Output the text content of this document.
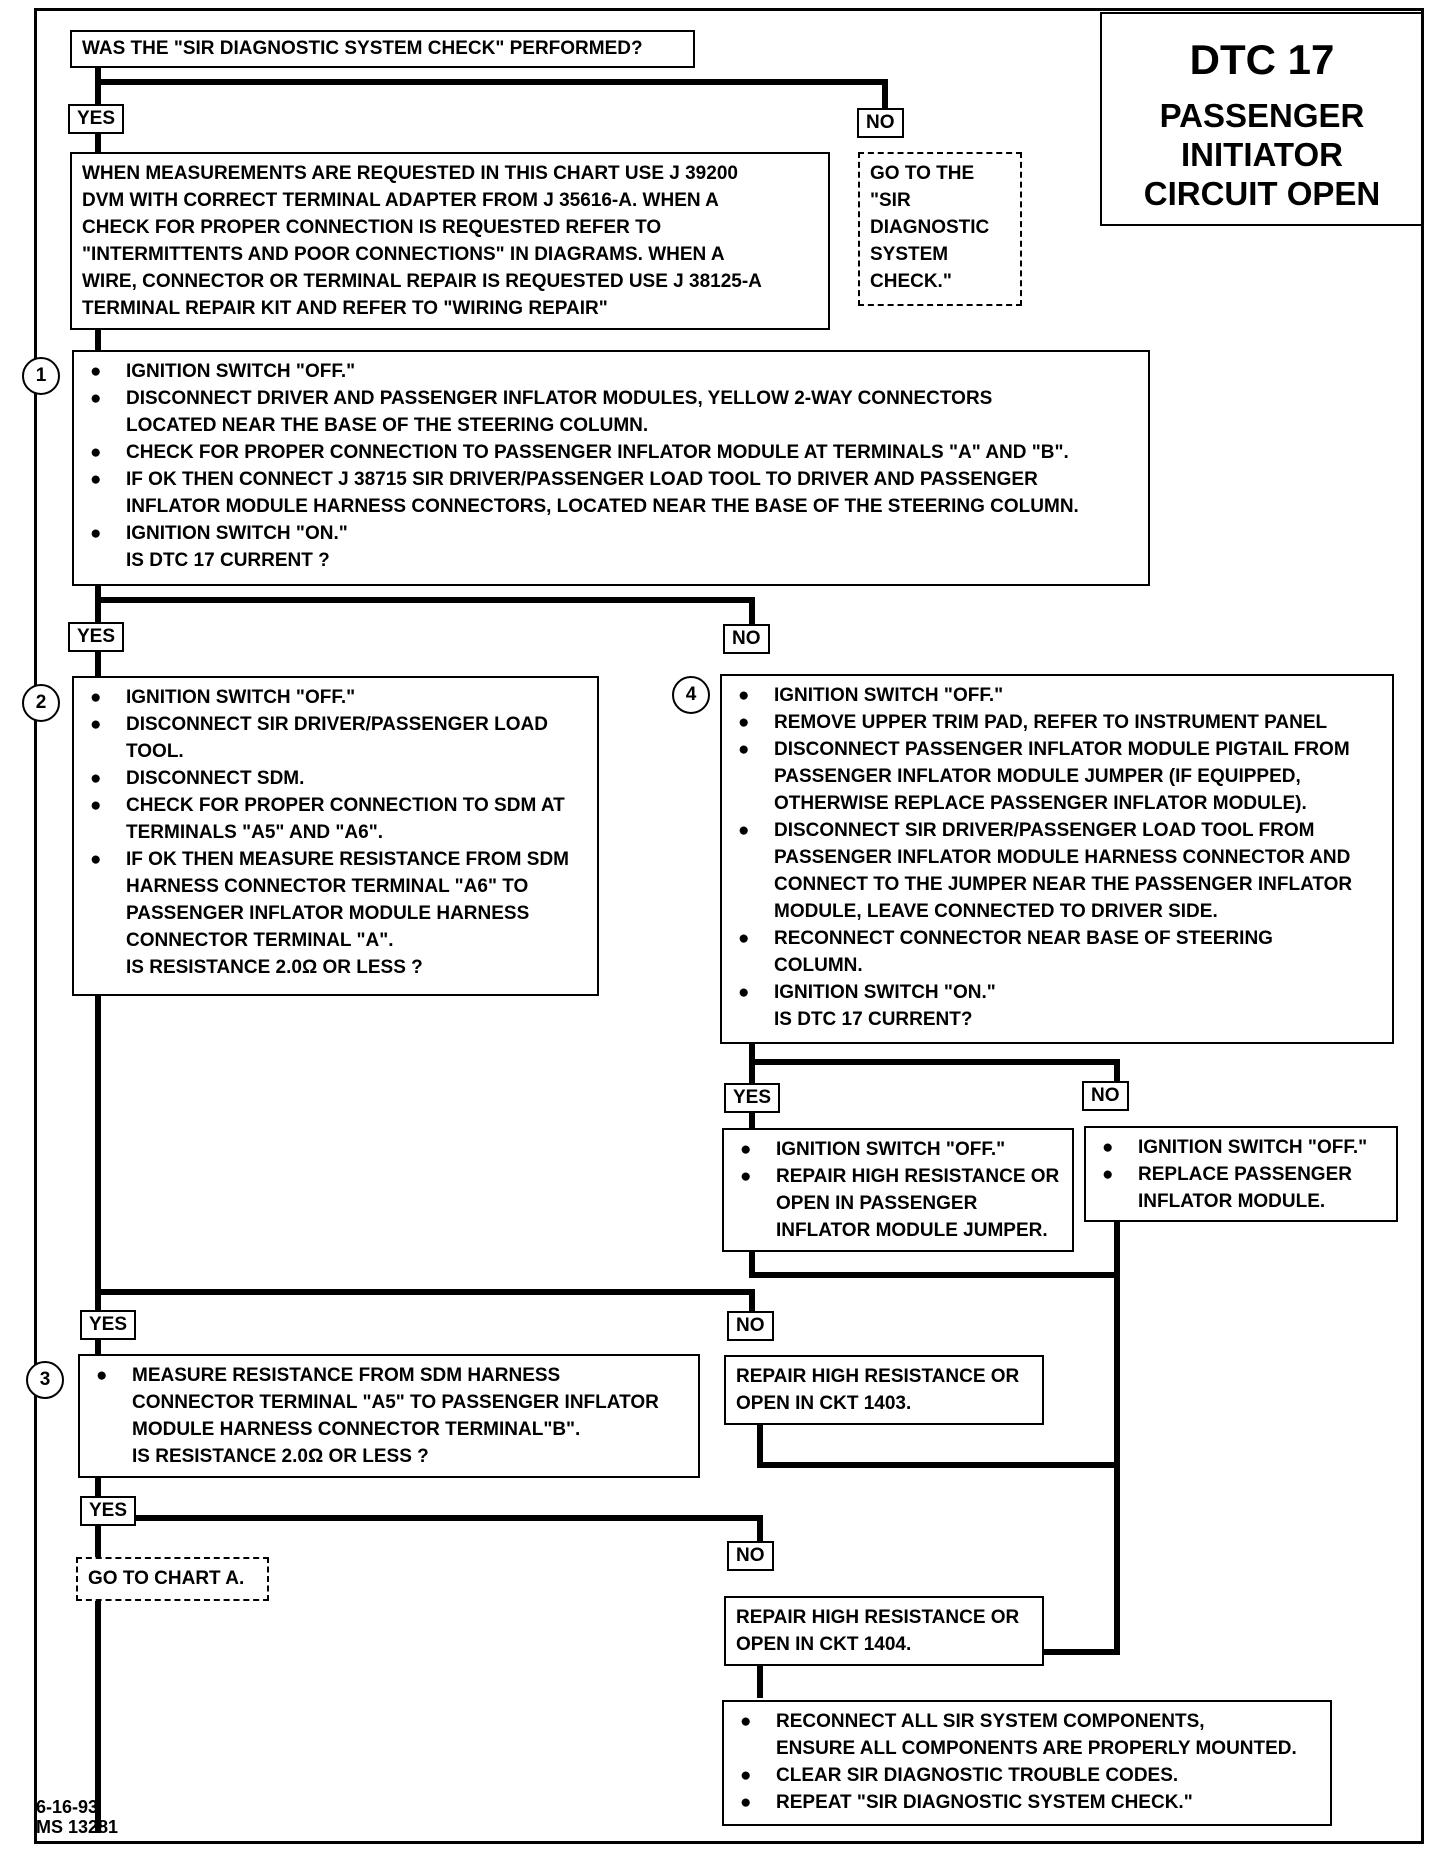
DTC 17
PASSENGER
INITIATOR
CIRCUIT OPEN
WAS THE "SIR DIAGNOSTIC SYSTEM CHECK" PERFORMED?
YES	NO
GO TO THE
"SIR
DIAGNOSTIC
SYSTEM
CHECK."
WHEN MEASUREMENTS ARE REQUESTED IN THIS CHART USE J 39200
DVM WITH CORRECT TERMINAL ADAPTER FROM J 35616-A. WHEN A
CHECK FOR PROPER CONNECTION IS REQUESTED REFER TO
"INTERMITTENTS AND POOR CONNECTIONS" IN DIAGRAMS. WHEN A
WIRE, CONNECTOR OR TERMINAL REPAIR IS REQUESTED USE J 38125-A
TERMINAL REPAIR KIT AND REFER TO "WIRING REPAIR"
1	●	IGNITION SWITCH "OFF."
●	DISCONNECT DRIVER AND PASSENGER INFLATOR MODULES, YELLOW 2-WAY CONNECTORS
LOCATED NEAR THE BASE OF THE STEERING COLUMN.
●	CHECK FOR PROPER CONNECTION TO PASSENGER INFLATOR MODULE AT TERMINALS "A" AND "B".
●	IF OK THEN CONNECT J 38715 SIR DRIVER/PASSENGER LOAD TOOL TO DRIVER AND PASSENGER
INFLATOR MODULE HARNESS CONNECTORS, LOCATED NEAR THE BASE OF THE STEERING COLUMN.
●	IGNITION SWITCH "ON."
IS DTC 17 CURRENT ?
YES	NO
2	●	IGNITION SWITCH "OFF."
●	DISCONNECT SIR DRIVER/PASSENGER LOAD
TOOL.
●	DISCONNECT SDM.
●	CHECK FOR PROPER CONNECTION TO SDM AT
TERMINALS "A5" AND "A6".
●	IF OK THEN MEASURE RESISTANCE FROM SDM
HARNESS CONNECTOR TERMINAL "A6" TO
PASSENGER INFLATOR MODULE HARNESS
CONNECTOR TERMINAL "A".
IS RESISTANCE 2.0Ω OR LESS ?
4	●	IGNITION SWITCH "OFF."
●	REMOVE UPPER TRIM PAD, REFER TO INSTRUMENT PANEL
●	DISCONNECT PASSENGER INFLATOR MODULE PIGTAIL FROM
PASSENGER INFLATOR MODULE JUMPER (IF EQUIPPED,
OTHERWISE REPLACE PASSENGER INFLATOR MODULE).
●	DISCONNECT SIR DRIVER/PASSENGER LOAD TOOL FROM
PASSENGER INFLATOR MODULE HARNESS CONNECTOR AND
CONNECT TO THE JUMPER NEAR THE PASSENGER INFLATOR
MODULE, LEAVE CONNECTED TO DRIVER SIDE.
●	RECONNECT CONNECTOR NEAR BASE OF STEERING
COLUMN.
●	IGNITION SWITCH "ON."
IS DTC 17 CURRENT?
YES	NO
●	IGNITION SWITCH "OFF."
●	REPAIR HIGH RESISTANCE OR
OPEN IN PASSENGER
INFLATOR MODULE JUMPER.
●	IGNITION SWITCH "OFF."
●	REPLACE PASSENGER
INFLATOR MODULE.
YES	NO
3	●	MEASURE RESISTANCE FROM SDM HARNESS
CONNECTOR TERMINAL "A5" TO PASSENGER INFLATOR
MODULE HARNESS CONNECTOR TERMINAL"B".
IS RESISTANCE 2.0Ω OR LESS ?
REPAIR HIGH RESISTANCE OR
OPEN IN CKT 1403.
YES
NO
GO TO CHART A.
REPAIR HIGH RESISTANCE OR
OPEN IN CKT 1404.
●	RECONNECT ALL SIR SYSTEM COMPONENTS,
ENSURE ALL COMPONENTS ARE PROPERLY MOUNTED.
●	CLEAR SIR DIAGNOSTIC TROUBLE CODES.
●	REPEAT "SIR DIAGNOSTIC SYSTEM CHECK."
6-16-93
MS 13281
